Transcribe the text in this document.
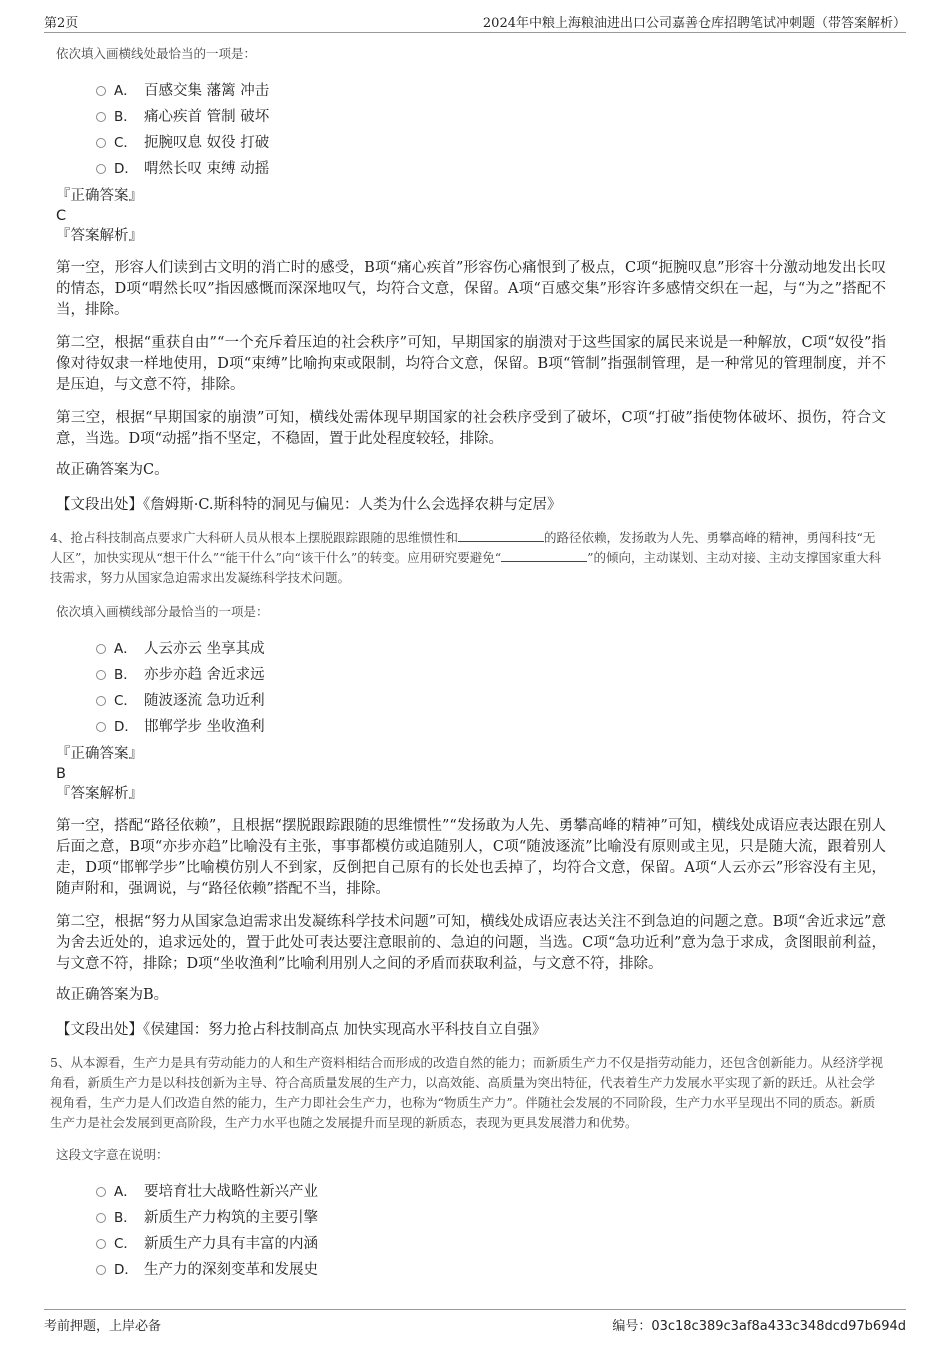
第2页	2024年中粮上海粮油进出口公司嘉善仓库招聘笔试冲刺题（带答案解析）

依次填入画横线处最恰当的一项是：

A． 百感交集 藩篱 冲击
B． 痛心疾首 管制 破坏
C． 扼腕叹息 奴役 打破
D． 喟然长叹 束缚 动摇
『正确答案』
C
『答案解析』

第一空，形容人们读到古文明的消亡时的感受，B项“痛心疾首”形容伤心痛恨到了极点，C项“扼腕叹息”形容十分激动地发出长叹的情态，D项“喟然长叹”指因感慨而深深地叹气，均符合文意，保留。A项“百感交集”形容许多感情交织在一起，与“为之”搭配不当，排除。

第二空，根据“重获自由”“一个充斥着压迫的社会秩序”可知，早期国家的崩溃对于这些国家的属民来说是一种解放，C项“奴役”指像对待奴隶一样地使用，D项“束缚”比喻拘束或限制，均符合文意，保留。B项“管制”指强制管理，是一种常见的管理制度，并不是压迫，与文意不符，排除。

第三空，根据“早期国家的崩溃”可知，横线处需体现早期国家的社会秩序受到了破坏，C项“打破”指使物体破坏、损伤，符合文意，当选。D项“动摇”指不坚定，不稳固，置于此处程度较轻，排除。

故正确答案为C。

【文段出处】《詹姆斯·C.斯科特的洞见与偏见：人类为什么会选择农耕与定居》

4、抢占科技制高点要求广大科研人员从根本上摆脱跟踪跟随的思维惯性和	的路径依赖，发扬敢为人先、勇攀高峰的精神，勇闯科技“无人区”，加快实现从“想干什么”“能干什么”向“该干什么”的转变。应用研究要避免“	”的倾向，主动谋划、主动对接、主动支撑国家重大科技需求，努力从国家急迫需求出发凝练科学技术问题。

依次填入画横线部分最恰当的一项是：

A． 人云亦云 坐享其成
B． 亦步亦趋 舍近求远
C． 随波逐流 急功近利
D． 邯郸学步 坐收渔利
『正确答案』
B
『答案解析』

第一空，搭配“路径依赖”，且根据“摆脱跟踪跟随的思维惯性”“发扬敢为人先、勇攀高峰的精神”可知，横线处成语应表达跟在别人后面之意，B项“亦步亦趋”比喻没有主张，事事都模仿或追随别人，C项“随波逐流”比喻没有原则或主见，只是随大流，跟着别人走，D项“邯郸学步”比喻模仿别人不到家，反倒把自己原有的长处也丢掉了，均符合文意，保留。A项“人云亦云”形容没有主见，随声附和，强调说，与“路径依赖”搭配不当，排除。

第二空，根据“努力从国家急迫需求出发凝练科学技术问题”可知，横线处成语应表达关注不到急迫的问题之意。B项“舍近求远”意为舍去近处的，追求远处的，置于此处可表达要注意眼前的、急迫的问题，当选。C项“急功近利”意为急于求成，贪图眼前利益，与文意不符，排除；D项“坐收渔利”比喻利用别人之间的矛盾而获取利益，与文意不符，排除。

故正确答案为B。

【文段出处】《侯建国：努力抢占科技制高点 加快实现高水平科技自立自强》

5、从本源看，生产力是具有劳动能力的人和生产资料相结合而形成的改造自然的能力；而新质生产力不仅是指劳动能力，还包含创新能力。从经济学视角看，新质生产力是以科技创新为主导、符合高质量发展的生产力，以高效能、高质量为突出特征，代表着生产力发展水平实现了新的跃迁。从社会学视角看，生产力是人们改造自然的能力，生产力即社会生产力，也称为“物质生产力”。伴随社会发展的不同阶段，生产力水平呈现出不同的质态。新质生产力是社会发展到更高阶段，生产力水平也随之发展提升而呈现的新质态，表现为更具发展潜力和优势。

这段文字意在说明：

A． 要培育壮大战略性新兴产业
B． 新质生产力构筑的主要引擎
C． 新质生产力具有丰富的内涵
D． 生产力的深刻变革和发展史
考前押题，上岸必备	编号：03c18c389c3af8a433c348dcd97b694d
